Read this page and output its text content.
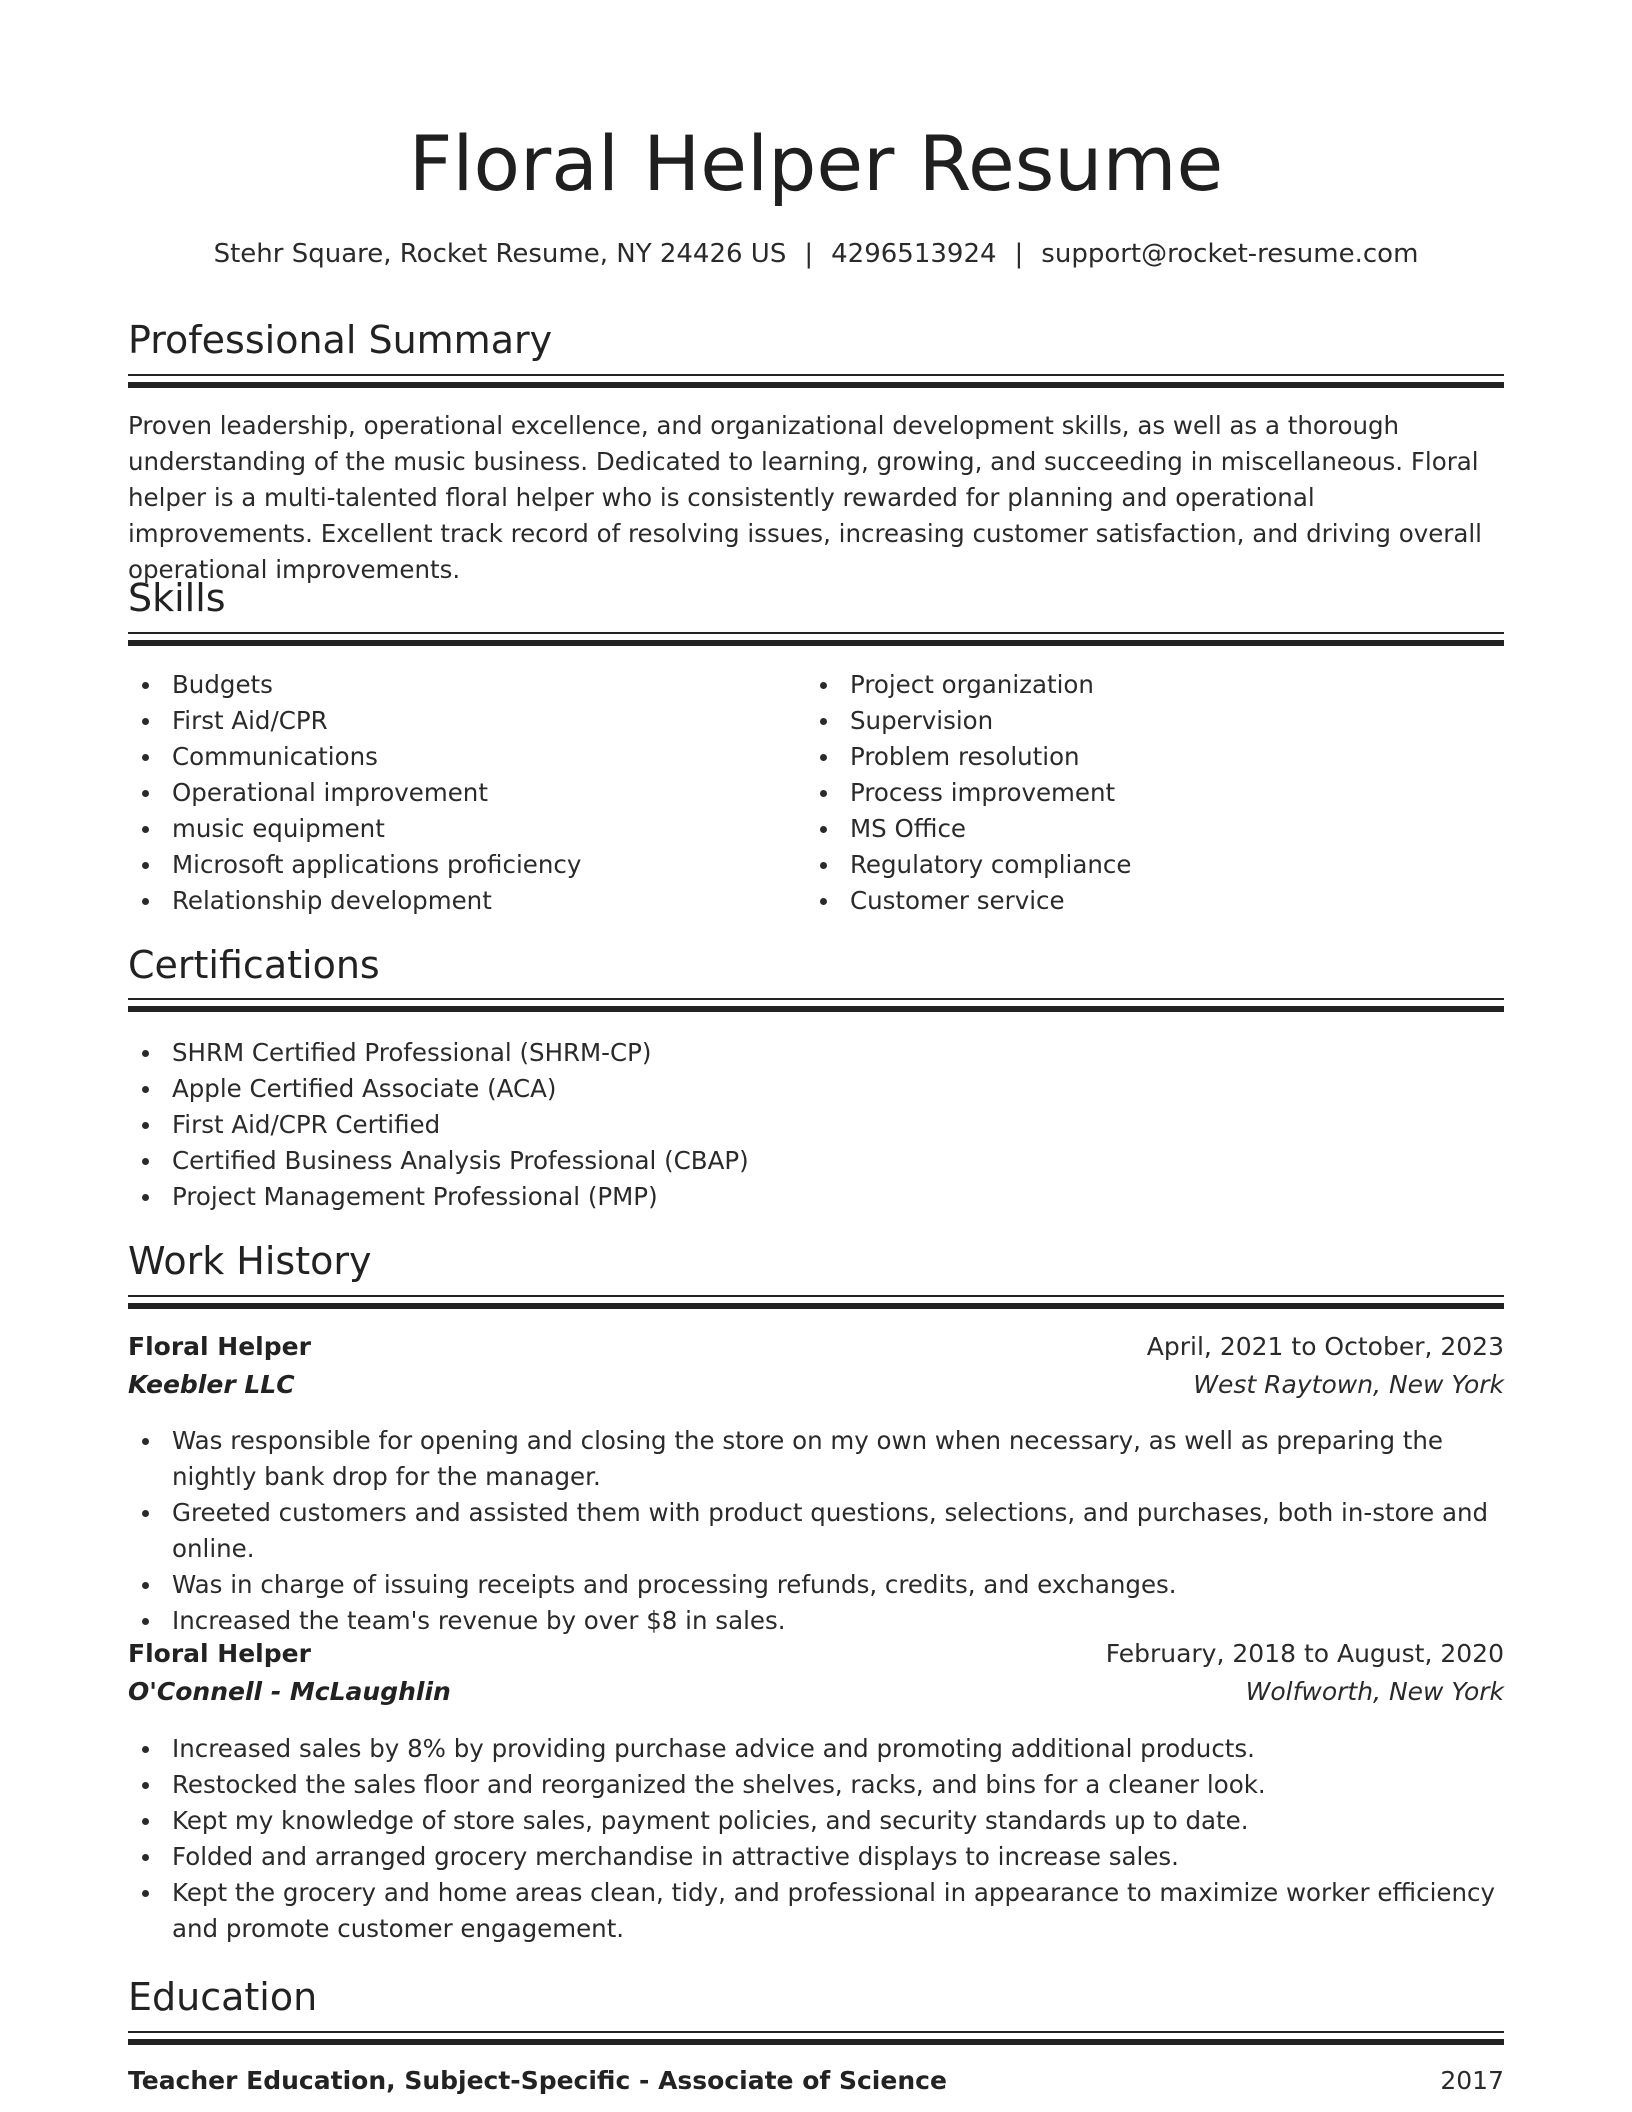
Floral Helper Resume
Stehr Square, Rocket Resume, NY 24426 US | 4296513924 | support@rocket-resume.com
Professional Summary

Proven leadership, operational excellence, and organizational development skills, as well as a thorough understanding of the music business. Dedicated to learning, growing, and succeeding in miscellaneous. Floral helper is a multi-talented floral helper who is consistently rewarded for planning and operational improvements. Excellent track record of resolving issues, increasing customer satisfaction, and driving overall operational improvements.

Skills
Budgets
First Aid/CPR
Communications
Operational improvement
music equipment
Microsoft applications proficiency
Relationship development
Project organization
Supervision
Problem resolution
Process improvement
MS Office
Regulatory compliance
Customer service
Certifications
SHRM Certified Professional (SHRM-CP)
Apple Certified Associate (ACA)
First Aid/CPR Certified
Certified Business Analysis Professional (CBAP)
Project Management Professional (PMP)
Work History
Floral Helper	April, 2021 to October, 2023
Keebler LLC	West Raytown, New York
Was responsible for opening and closing the store on my own when necessary, as well as preparing the nightly bank drop for the manager.
Greeted customers and assisted them with product questions, selections, and purchases, both in-store and online.
Was in charge of issuing receipts and processing refunds, credits, and exchanges.
Increased the team's revenue by over $8 in sales.
Floral Helper	February, 2018 to August, 2020
O'Connell - McLaughlin	Wolfworth, New York
Increased sales by 8% by providing purchase advice and promoting additional products.
Restocked the sales floor and reorganized the shelves, racks, and bins for a cleaner look.
Kept my knowledge of store sales, payment policies, and security standards up to date.
Folded and arranged grocery merchandise in attractive displays to increase sales.
Kept the grocery and home areas clean, tidy, and professional in appearance to maximize worker efficiency and promote customer engagement.
Education
Teacher Education, Subject-Specific - Associate of Science	2017
